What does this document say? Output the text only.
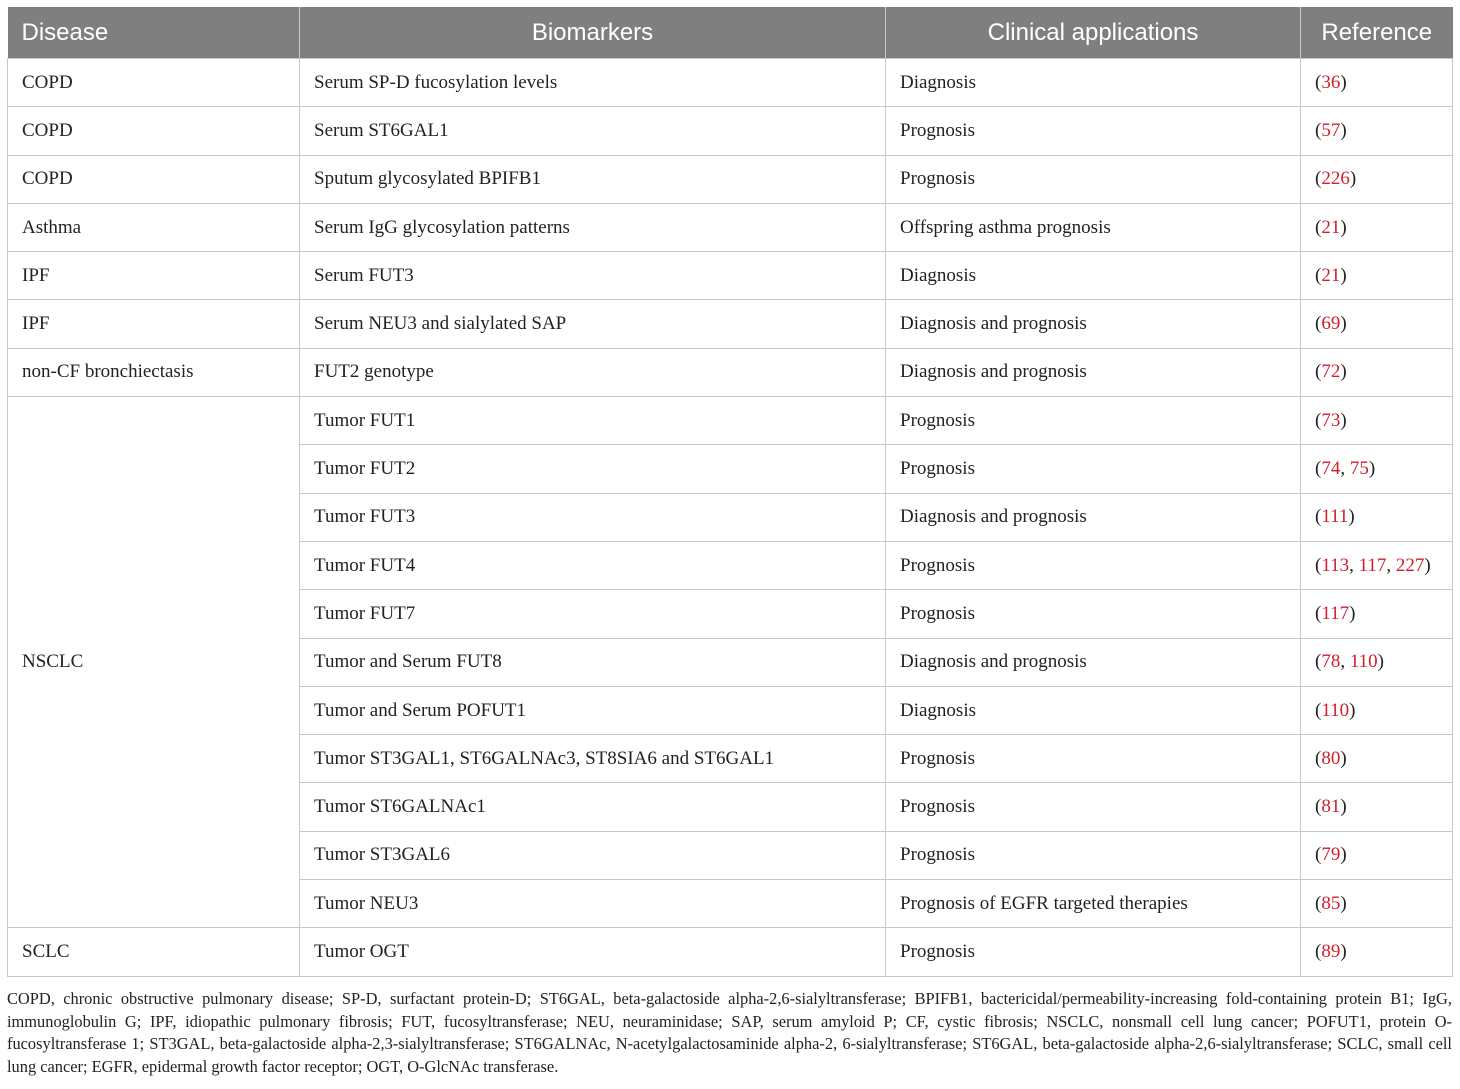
Disease	Biomarkers	Clinical applications	Reference
COPD	Serum SP-D fucosylation levels	Diagnosis	(36)
COPD	Serum ST6GAL1	Prognosis	(57)
COPD	Sputum glycosylated BPIFB1	Prognosis	(226)
Asthma	Serum IgG glycosylation patterns	Offspring asthma prognosis	(21)
IPF	Serum FUT3	Diagnosis	(21)
IPF	Serum NEU3 and sialylated SAP	Diagnosis and prognosis	(69)
non-CF bronchiectasis	FUT2 genotype	Diagnosis and prognosis	(72)
NSCLC	Tumor FUT1	Prognosis	(73)
	Tumor FUT2	Prognosis	(74, 75)
	Tumor FUT3	Diagnosis and prognosis	(111)
	Tumor FUT4	Prognosis	(113, 117, 227)
	Tumor FUT7	Prognosis	(117)
	Tumor and Serum FUT8	Diagnosis and prognosis	(78, 110)
	Tumor and Serum POFUT1	Diagnosis	(110)
	Tumor ST3GAL1, ST6GALNAc3, ST8SIA6 and ST6GAL1	Prognosis	(80)
	Tumor ST6GALNAc1	Prognosis	(81)
	Tumor ST3GAL6	Prognosis	(79)
	Tumor NEU3	Prognosis of EGFR targeted therapies	(85)
SCLC	Tumor OGT	Prognosis	(89)
COPD, chronic obstructive pulmonary disease; SP-D, surfactant protein-D; ST6GAL, beta-galactoside alpha-2,6-sialyltransferase; BPIFB1, bactericidal/permeability-increasing fold-containing protein B1; IgG, immunoglobulin G; IPF, idiopathic pulmonary fibrosis; FUT, fucosyltransferase; NEU, neuraminidase; SAP, serum amyloid P; CF, cystic fibrosis; NSCLC, nonsmall cell lung cancer; POFUT1, protein O-fucosyltransferase 1; ST3GAL, beta-galactoside alpha-2,3-sialyltransferase; ST6GALNAc, N-acetylgalactosaminide alpha-2, 6-sialyltransferase; ST6GAL, beta-galactoside alpha-2,6-sialyltransferase; SCLC, small cell lung cancer; EGFR, epidermal growth factor receptor; OGT, O-GlcNAc transferase.
